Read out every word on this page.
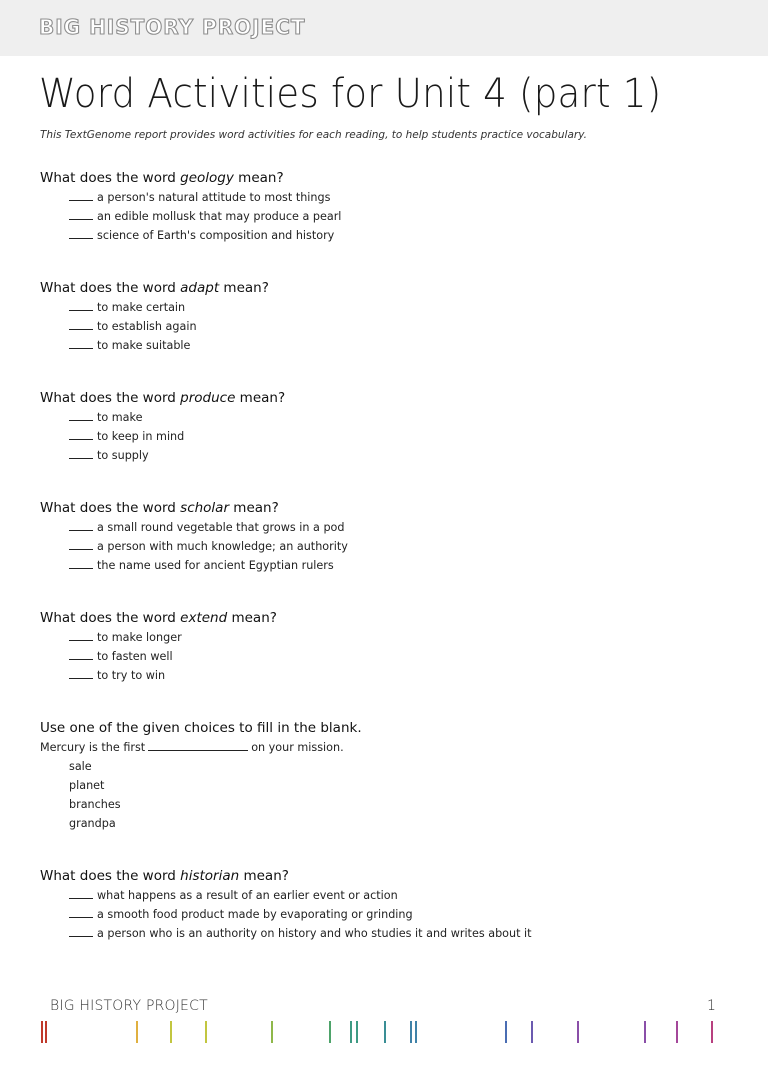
BIG HISTORY PROJECT
Word Activities for Unit 4 (part 1)
This TextGenome report provides word activities for each reading, to help students practice vocabulary.
What does the word geology mean?
a person's natural attitude to most things
an edible mollusk that may produce a pearl
science of Earth's composition and history
What does the word adapt mean?
to make certain
to establish again
to make suitable
What does the word produce mean?
to make
to keep in mind
to supply
What does the word scholar mean?
a small round vegetable that grows in a pod
a person with much knowledge; an authority
the name used for ancient Egyptian rulers
What does the word extend mean?
to make longer
to fasten well
to try to win
Use one of the given choices to fill in the blank.
Mercury is the first	on your mission.
sale
planet
branches
grandpa
What does the word historian mean?
what happens as a result of an earlier event or action
a smooth food product made by evaporating or grinding
a person who is an authority on history and who studies it and writes about it
BIG HISTORY PROJECT	1
